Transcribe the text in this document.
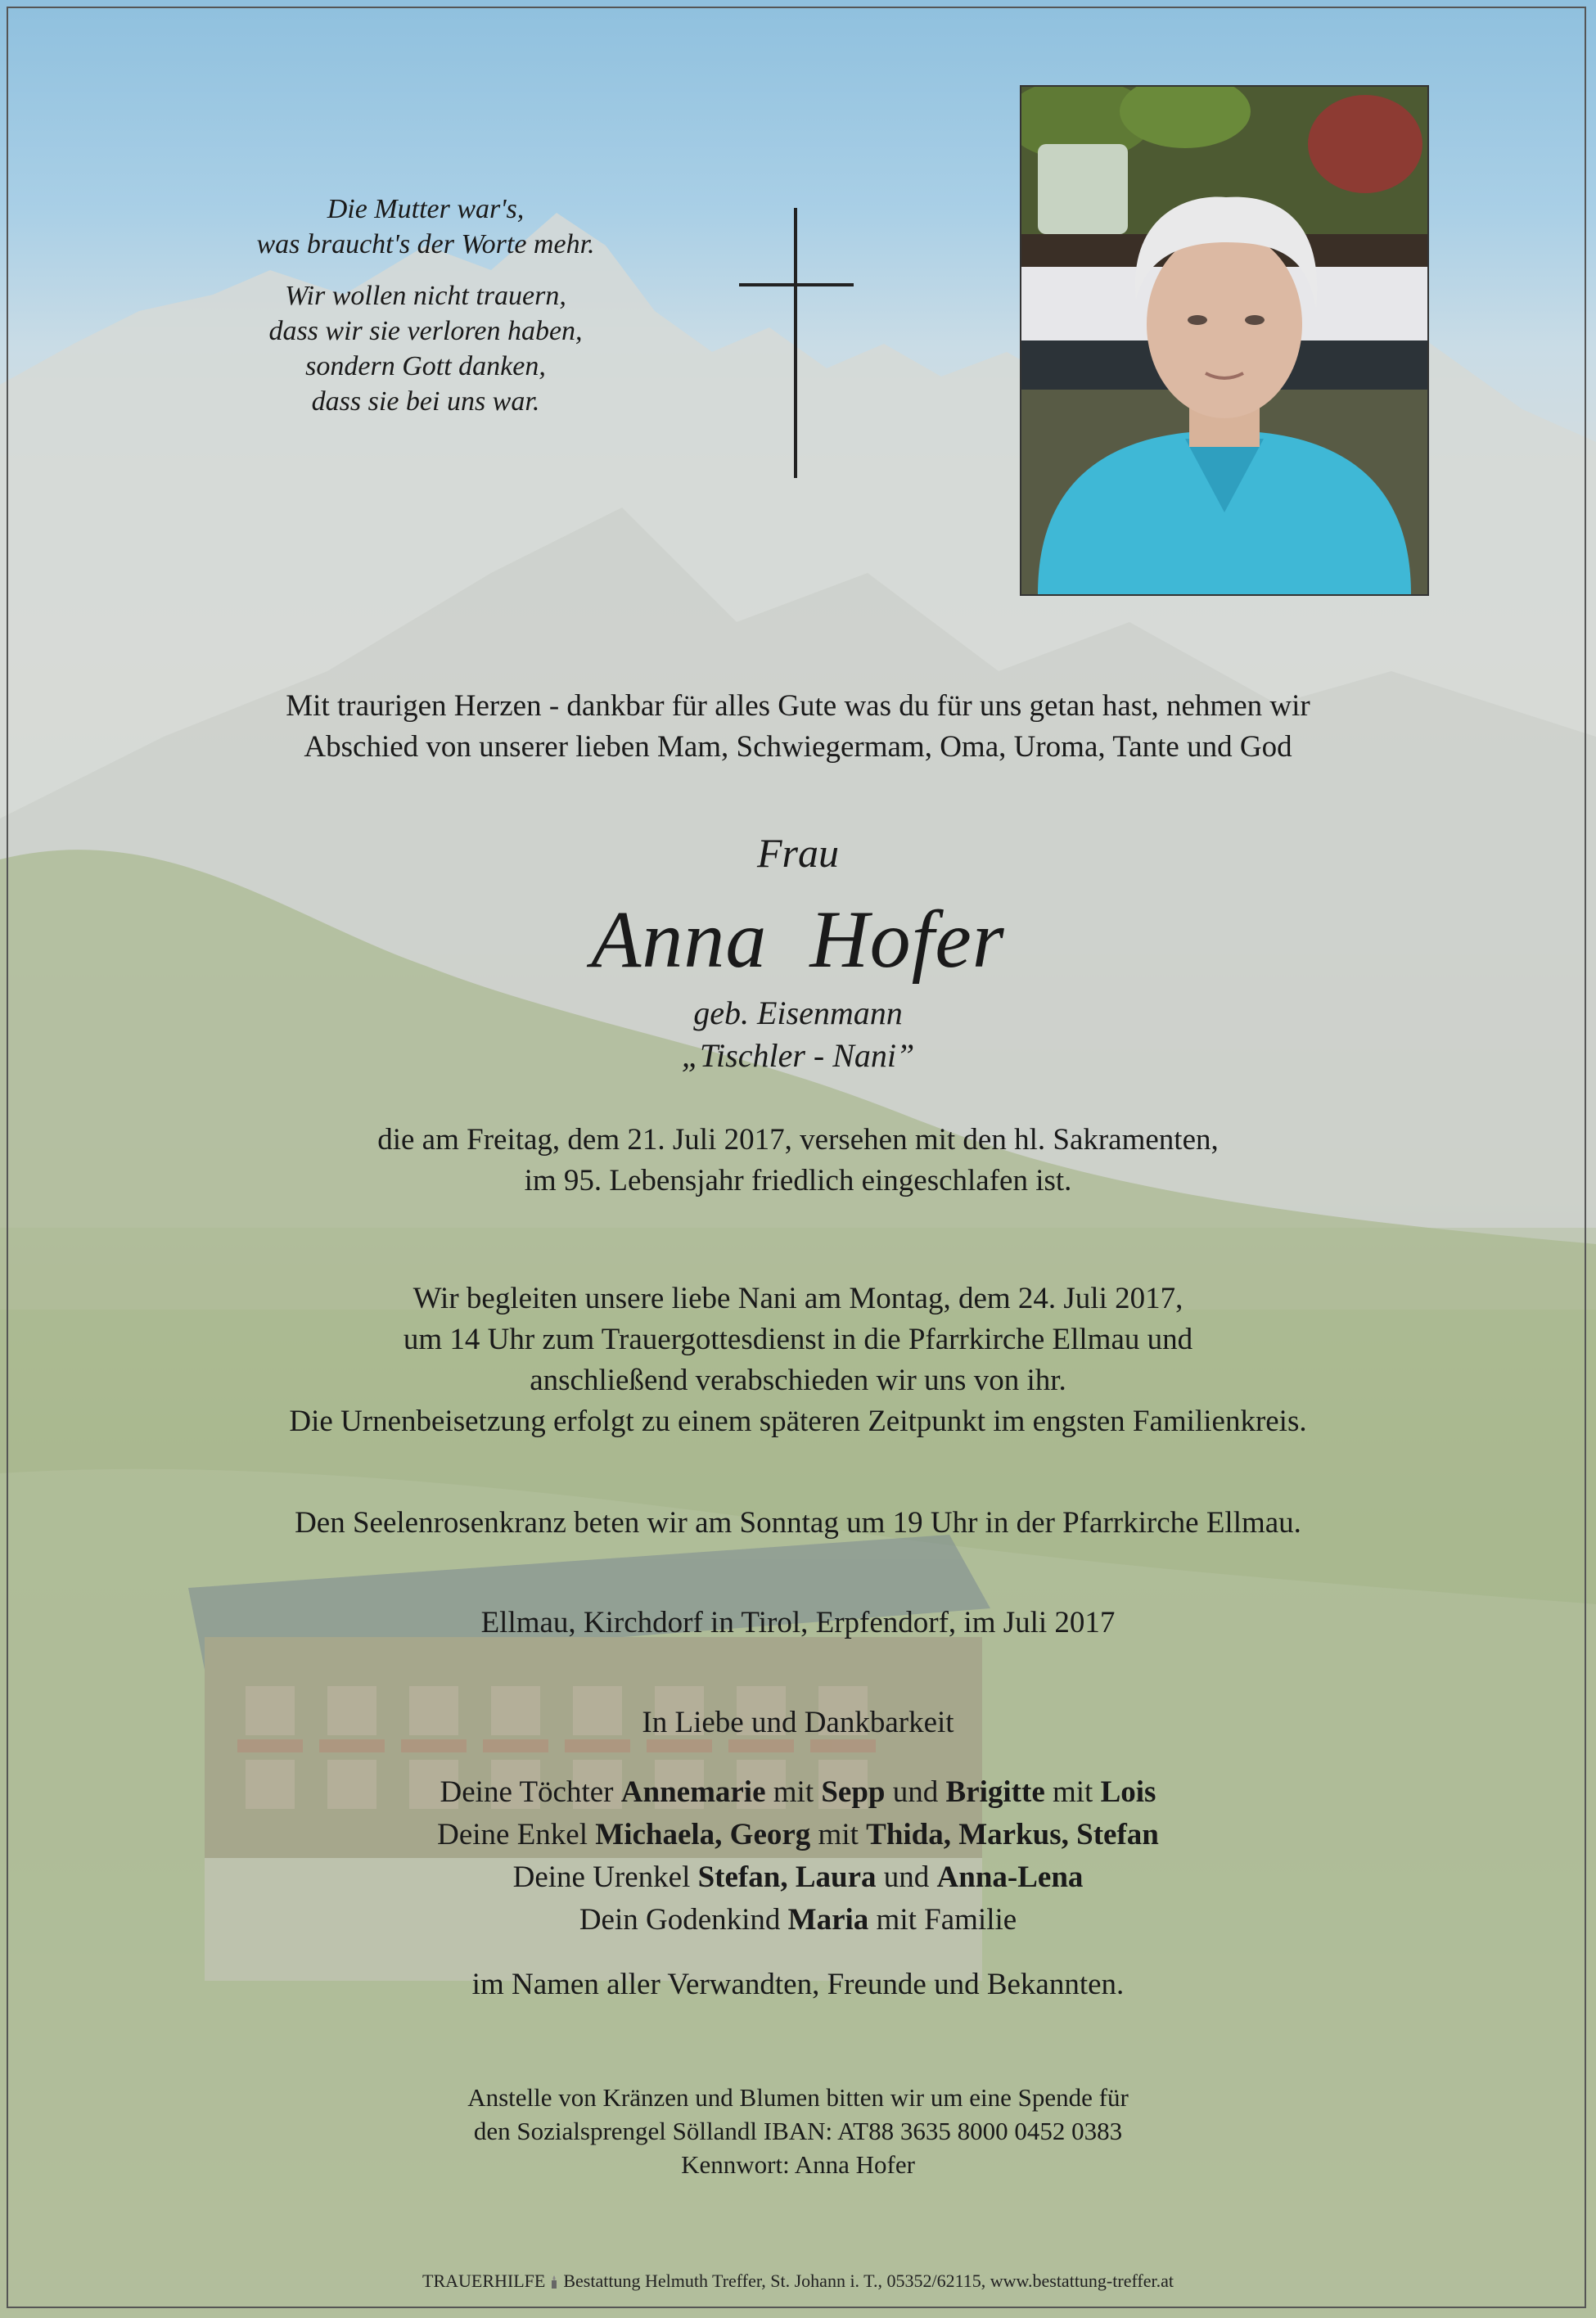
Die Mutter war's,

was braucht's der Worte mehr.

Wir wollen nicht trauern,

dass wir sie verloren haben,

sondern Gott danken,

dass sie bei uns war.

Mit traurigen Herzen - dankbar für alles Gute was du für uns getan hast, nehmen wir

Abschied von unserer lieben Mam, Schwiegermam, Oma, Uroma, Tante und God

Frau
Anna  Hofer
geb. Eisenmann
„Tischler - Nani”

die am Freitag, dem 21. Juli 2017, versehen mit den hl. Sakramenten,

im 95. Lebensjahr friedlich eingeschlafen ist.

Wir begleiten unsere liebe Nani am Montag, dem 24. Juli 2017,

um 14 Uhr zum Trauergottesdienst in die Pfarrkirche Ellmau und

anschließend verabschieden wir uns von ihr.

Die Urnenbeisetzung erfolgt zu einem späteren Zeitpunkt im engsten Familienkreis.

Den Seelenrosenkranz beten wir am Sonntag um 19 Uhr in der Pfarrkirche Ellmau.
Ellmau, Kirchdorf in Tirol, Erpfendorf, im Juli 2017
In Liebe und Dankbarkeit

Deine Töchter Annemarie mit Sepp und Brigitte mit Lois

Deine Enkel Michaela, Georg mit Thida, Markus, Stefan

Deine Urenkel Stefan, Laura und Anna-Lena

Dein Godenkind Maria mit Familie

im Namen aller Verwandten, Freunde und Bekannten.

Anstelle von Kränzen und Blumen bitten wir um eine Spende für

den Sozialsprengel Söllandl IBAN: AT88 3635 8000 0452 0383

Kennwort: Anna Hofer

TRAUERHILFE Bestattung Helmuth Treffer, St. Johann i. T., 05352/62115, www.bestattung-treffer.at
